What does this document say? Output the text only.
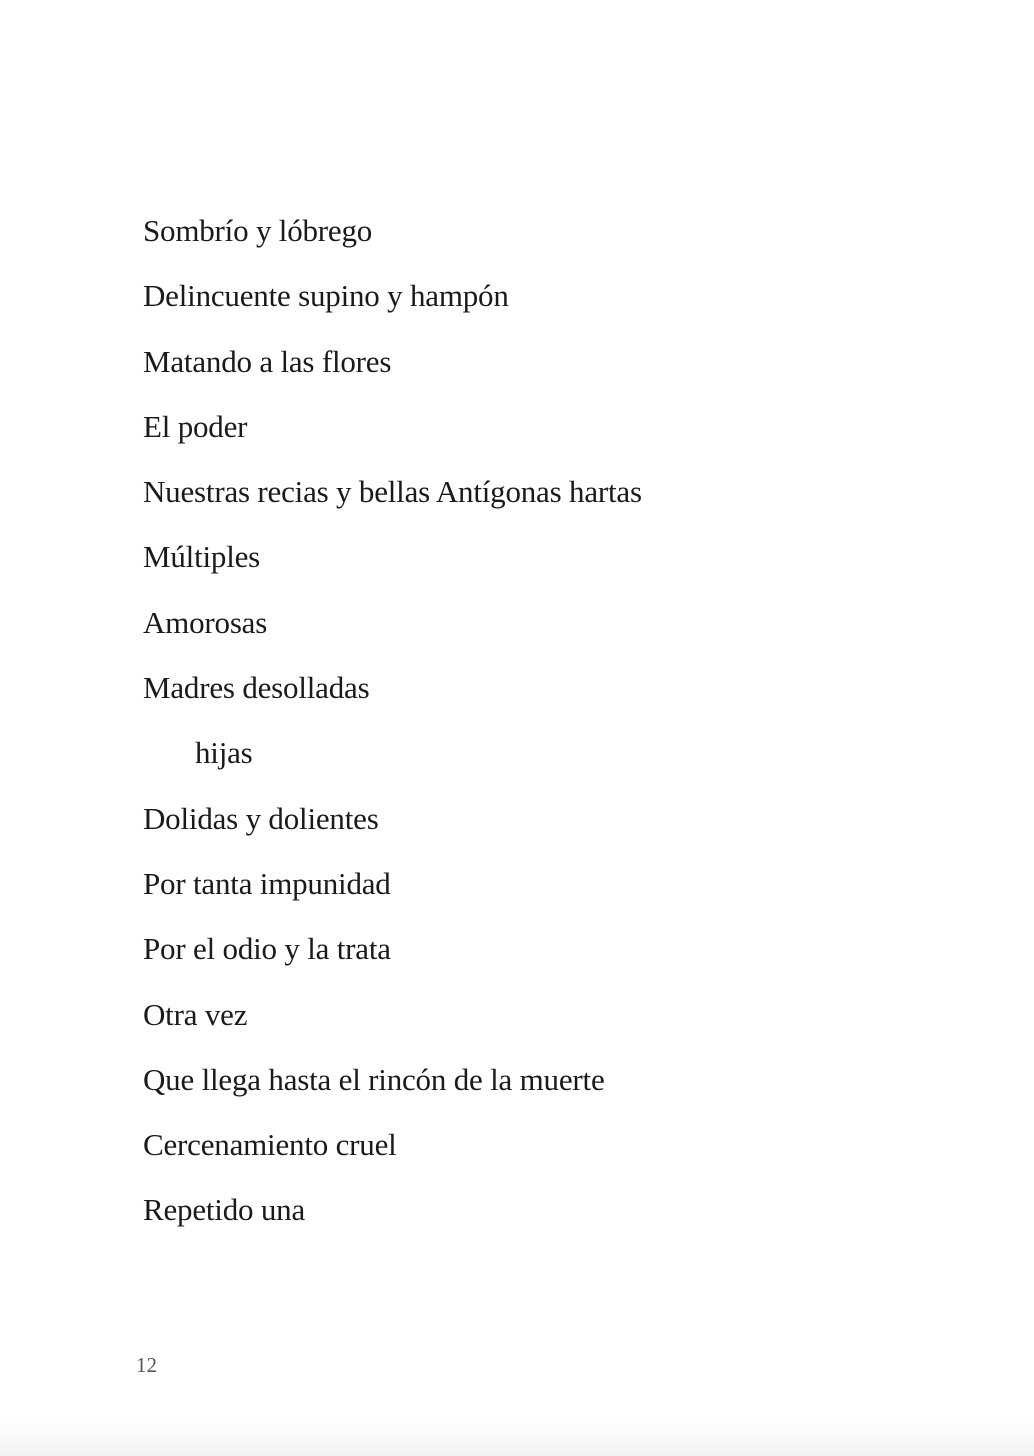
Sombrío y lóbrego
Delincuente supino y hampón
Matando a las flores
El poder
Nuestras recias y bellas Antígonas hartas
Múltiples
Amorosas
Madres desolladas
hijas
Dolidas y dolientes
Por tanta impunidad
Por el odio y la trata
Otra vez
Que llega hasta el rincón de la muerte
Cercenamiento cruel
Repetido una
12
